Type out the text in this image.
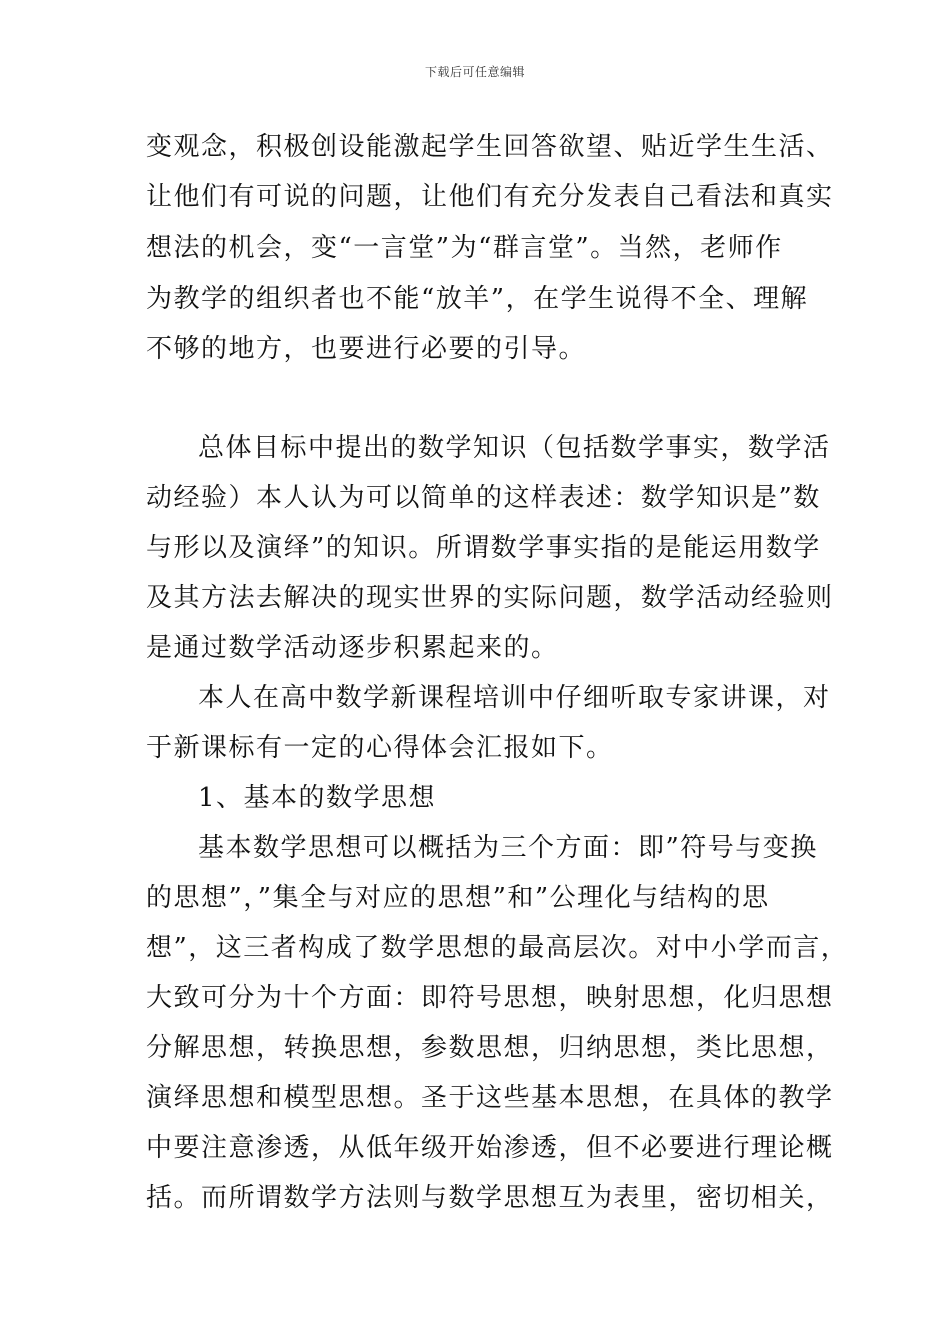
下载后可任意编辑
变观念，积极创设能激起学生回答欲望、贴近学生生活、
让他们有可说的问题，让他们有充分发表自己看法和真实
想法的机会，变“一言堂”为“群言堂”。当然，老师作
为教学的组织者也不能“放羊”，在学生说得不全、理解
不够的地方，也要进行必要的引导。
总体目标中提出的数学知识（包括数学事实，数学活
动经验）本人认为可以简单的这样表述：数学知识是”数
与形以及演绎”的知识。所谓数学事实指的是能运用数学
及其方法去解决的现实世界的实际问题，数学活动经验则
是通过数学活动逐步积累起来的。
本人在高中数学新课程培训中仔细听取专家讲课，对
于新课标有一定的心得体会汇报如下。
1、基本的数学思想
基本数学思想可以概括为三个方面：即”符号与变换
的思想”，”集全与对应的思想”和”公理化与结构的思
想”，这三者构成了数学思想的最高层次。对中小学而言，
大致可分为十个方面：即符号思想，映射思想，化归思想
分解思想，转换思想，参数思想，归纳思想，类比思想，
演绎思想和模型思想。圣于这些基本思想，在具体的教学
中要注意渗透，从低年级开始渗透，但不必要进行理论概
括。而所谓数学方法则与数学思想互为表里，密切相关，
